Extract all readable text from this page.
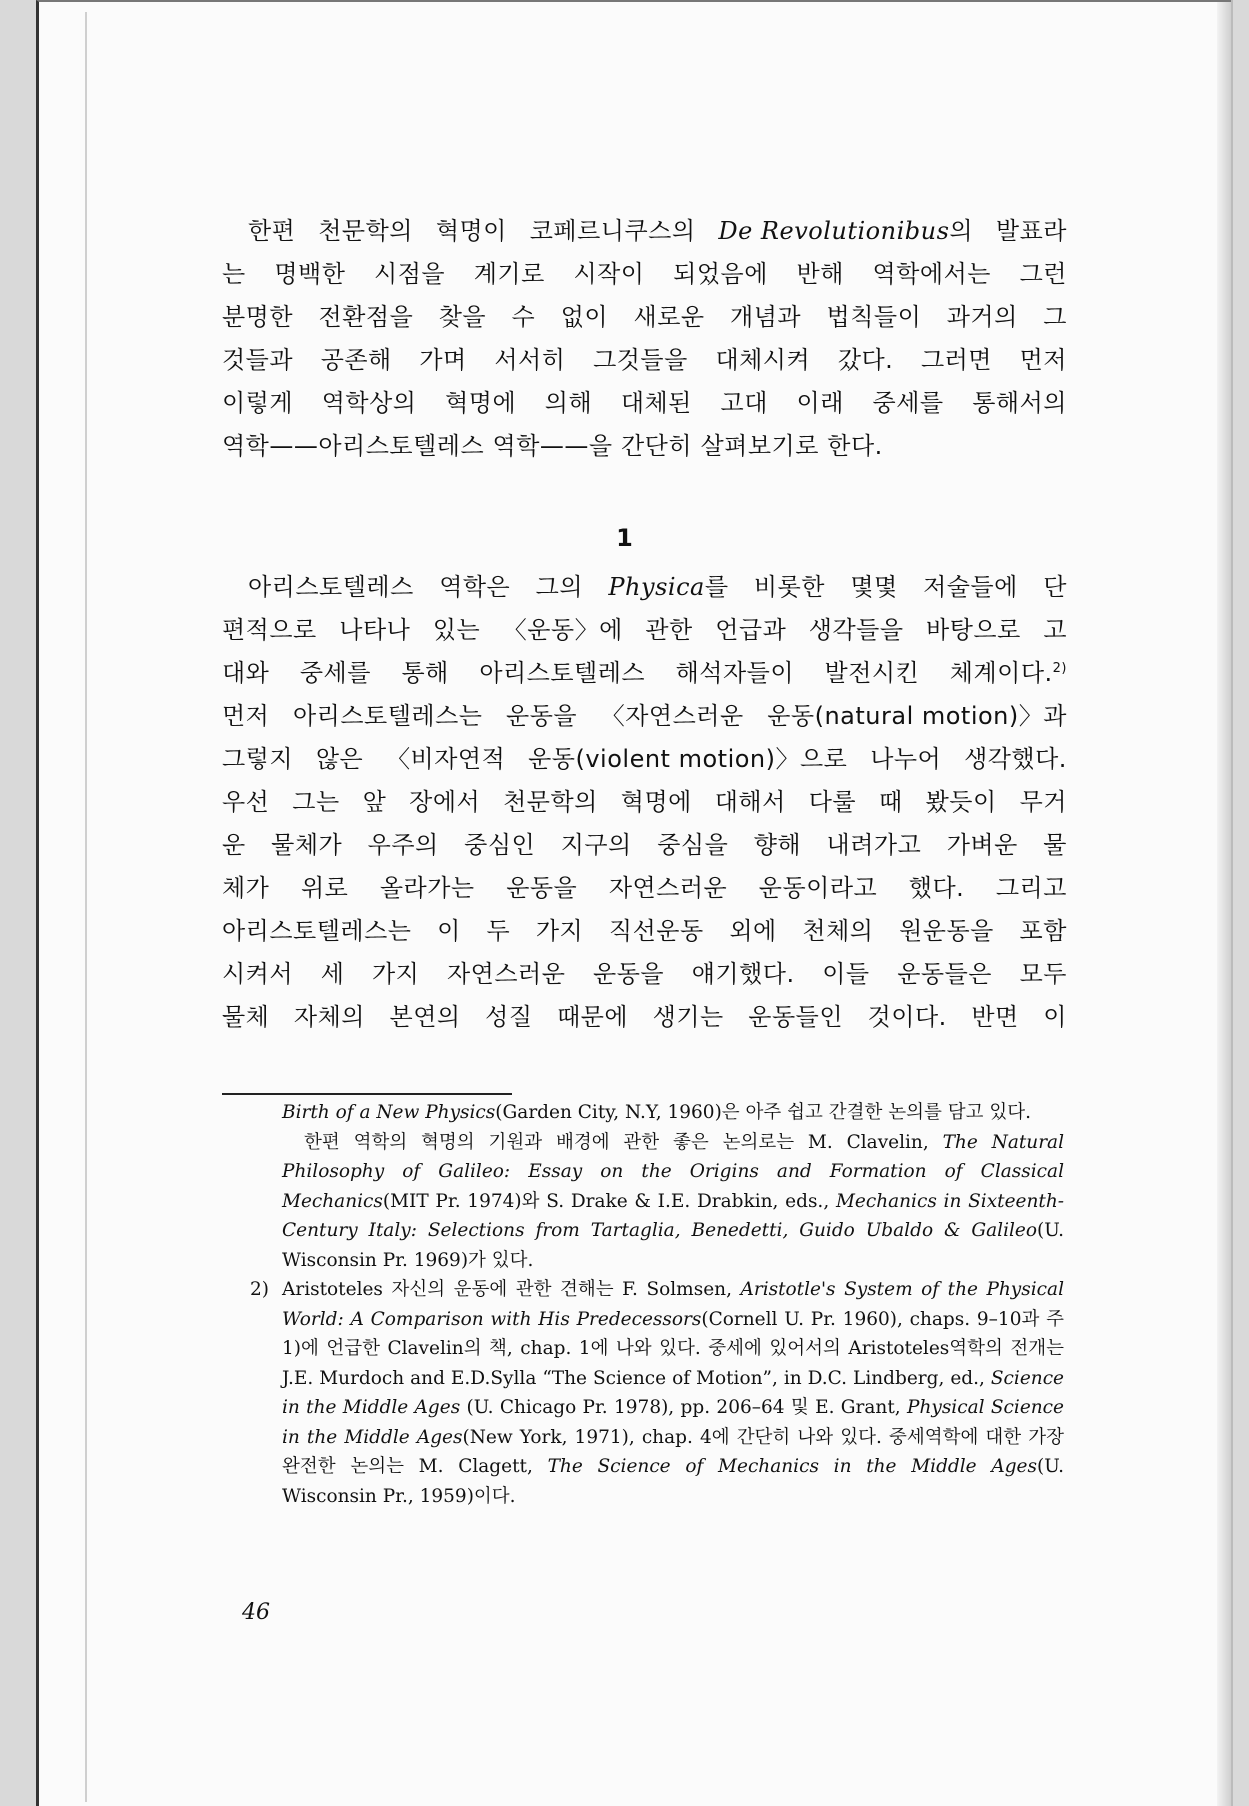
한편 천문학의 혁명이 코페르니쿠스의 De Revolutionibus의 발표라
는 명백한 시점을 계기로 시작이 되었음에 반해 역학에서는 그런
분명한 전환점을 찾을 수 없이 새로운 개념과 법칙들이 과거의 그
것들과 공존해 가며 서서히 그것들을 대체시켜 갔다. 그러면 먼저
이렇게 역학상의 혁명에 의해 대체된 고대 이래 중세를 통해서의
역학——아리스토텔레스 역학——을 간단히 살펴보기로 한다.
1
아리스토텔레스 역학은 그의 Physica를 비롯한 몇몇 저술들에 단
편적으로 나타나 있는 〈운동〉에 관한 언급과 생각들을 바탕으로 고
대와 중세를 통해 아리스토텔레스 해석자들이 발전시킨 체계이다.$^{2)}$
먼저 아리스토텔레스는 운동을 〈자연스러운 운동(natural motion)〉과
그렇지 않은 〈비자연적 운동(violent motion)〉으로 나누어 생각했다.
우선 그는 앞 장에서 천문학의 혁명에 대해서 다룰 때 봤듯이 무거
운 물체가 우주의 중심인 지구의 중심을 향해 내려가고 가벼운 물
체가 위로 올라가는 운동을 자연스러운 운동이라고 했다. 그리고
아리스토텔레스는 이 두 가지 직선운동 외에 천체의 원운동을 포함
시켜서 세 가지 자연스러운 운동을 얘기했다. 이들 운동들은 모두
물체 자체의 본연의 성질 때문에 생기는 운동들인 것이다. 반면 이

Birth of a New Physics(Garden City, N.Y, 1960)은 아주 쉽고 간결한 논의를 담고 있다.

한편 역학의 혁명의 기원과 배경에 관한 좋은 논의로는 M. Clavelin, The Natural Philosophy of Galileo: Essay on the Origins and Formation of Classical Mechanics(MIT Pr. 1974)와 S. Drake & I.E. Drabkin, eds., Mechanics in Sixteenth-Century Italy: Selections from Tartaglia, Benedetti, Guido Ubaldo & Galileo(U. Wisconsin Pr. 1969)가 있다.

2) Aristoteles 자신의 운동에 관한 견해는 F. Solmsen, Aristotle's System of the Physical World: A Comparison with His Predecessors(Cornell U. Pr. 1960), chaps. 9–10과 주 1)에 언급한 Clavelin의 책, chap. 1에 나와 있다. 중세에 있어서의 Aristoteles역학의 전개는 J.E. Murdoch and E.D.Sylla “The Science of Motion”, in D.C. Lindberg, ed., Science in the Middle Ages (U. Chicago Pr. 1978), pp. 206–64 및 E. Grant, Physical Science in the Middle Ages(New York, 1971), chap. 4에 간단히 나와 있다. 중세역학에 대한 가장 완전한 논의는 M. Clagett, The Science of Mechanics in the Middle Ages(U. Wisconsin Pr., 1959)이다.

46
